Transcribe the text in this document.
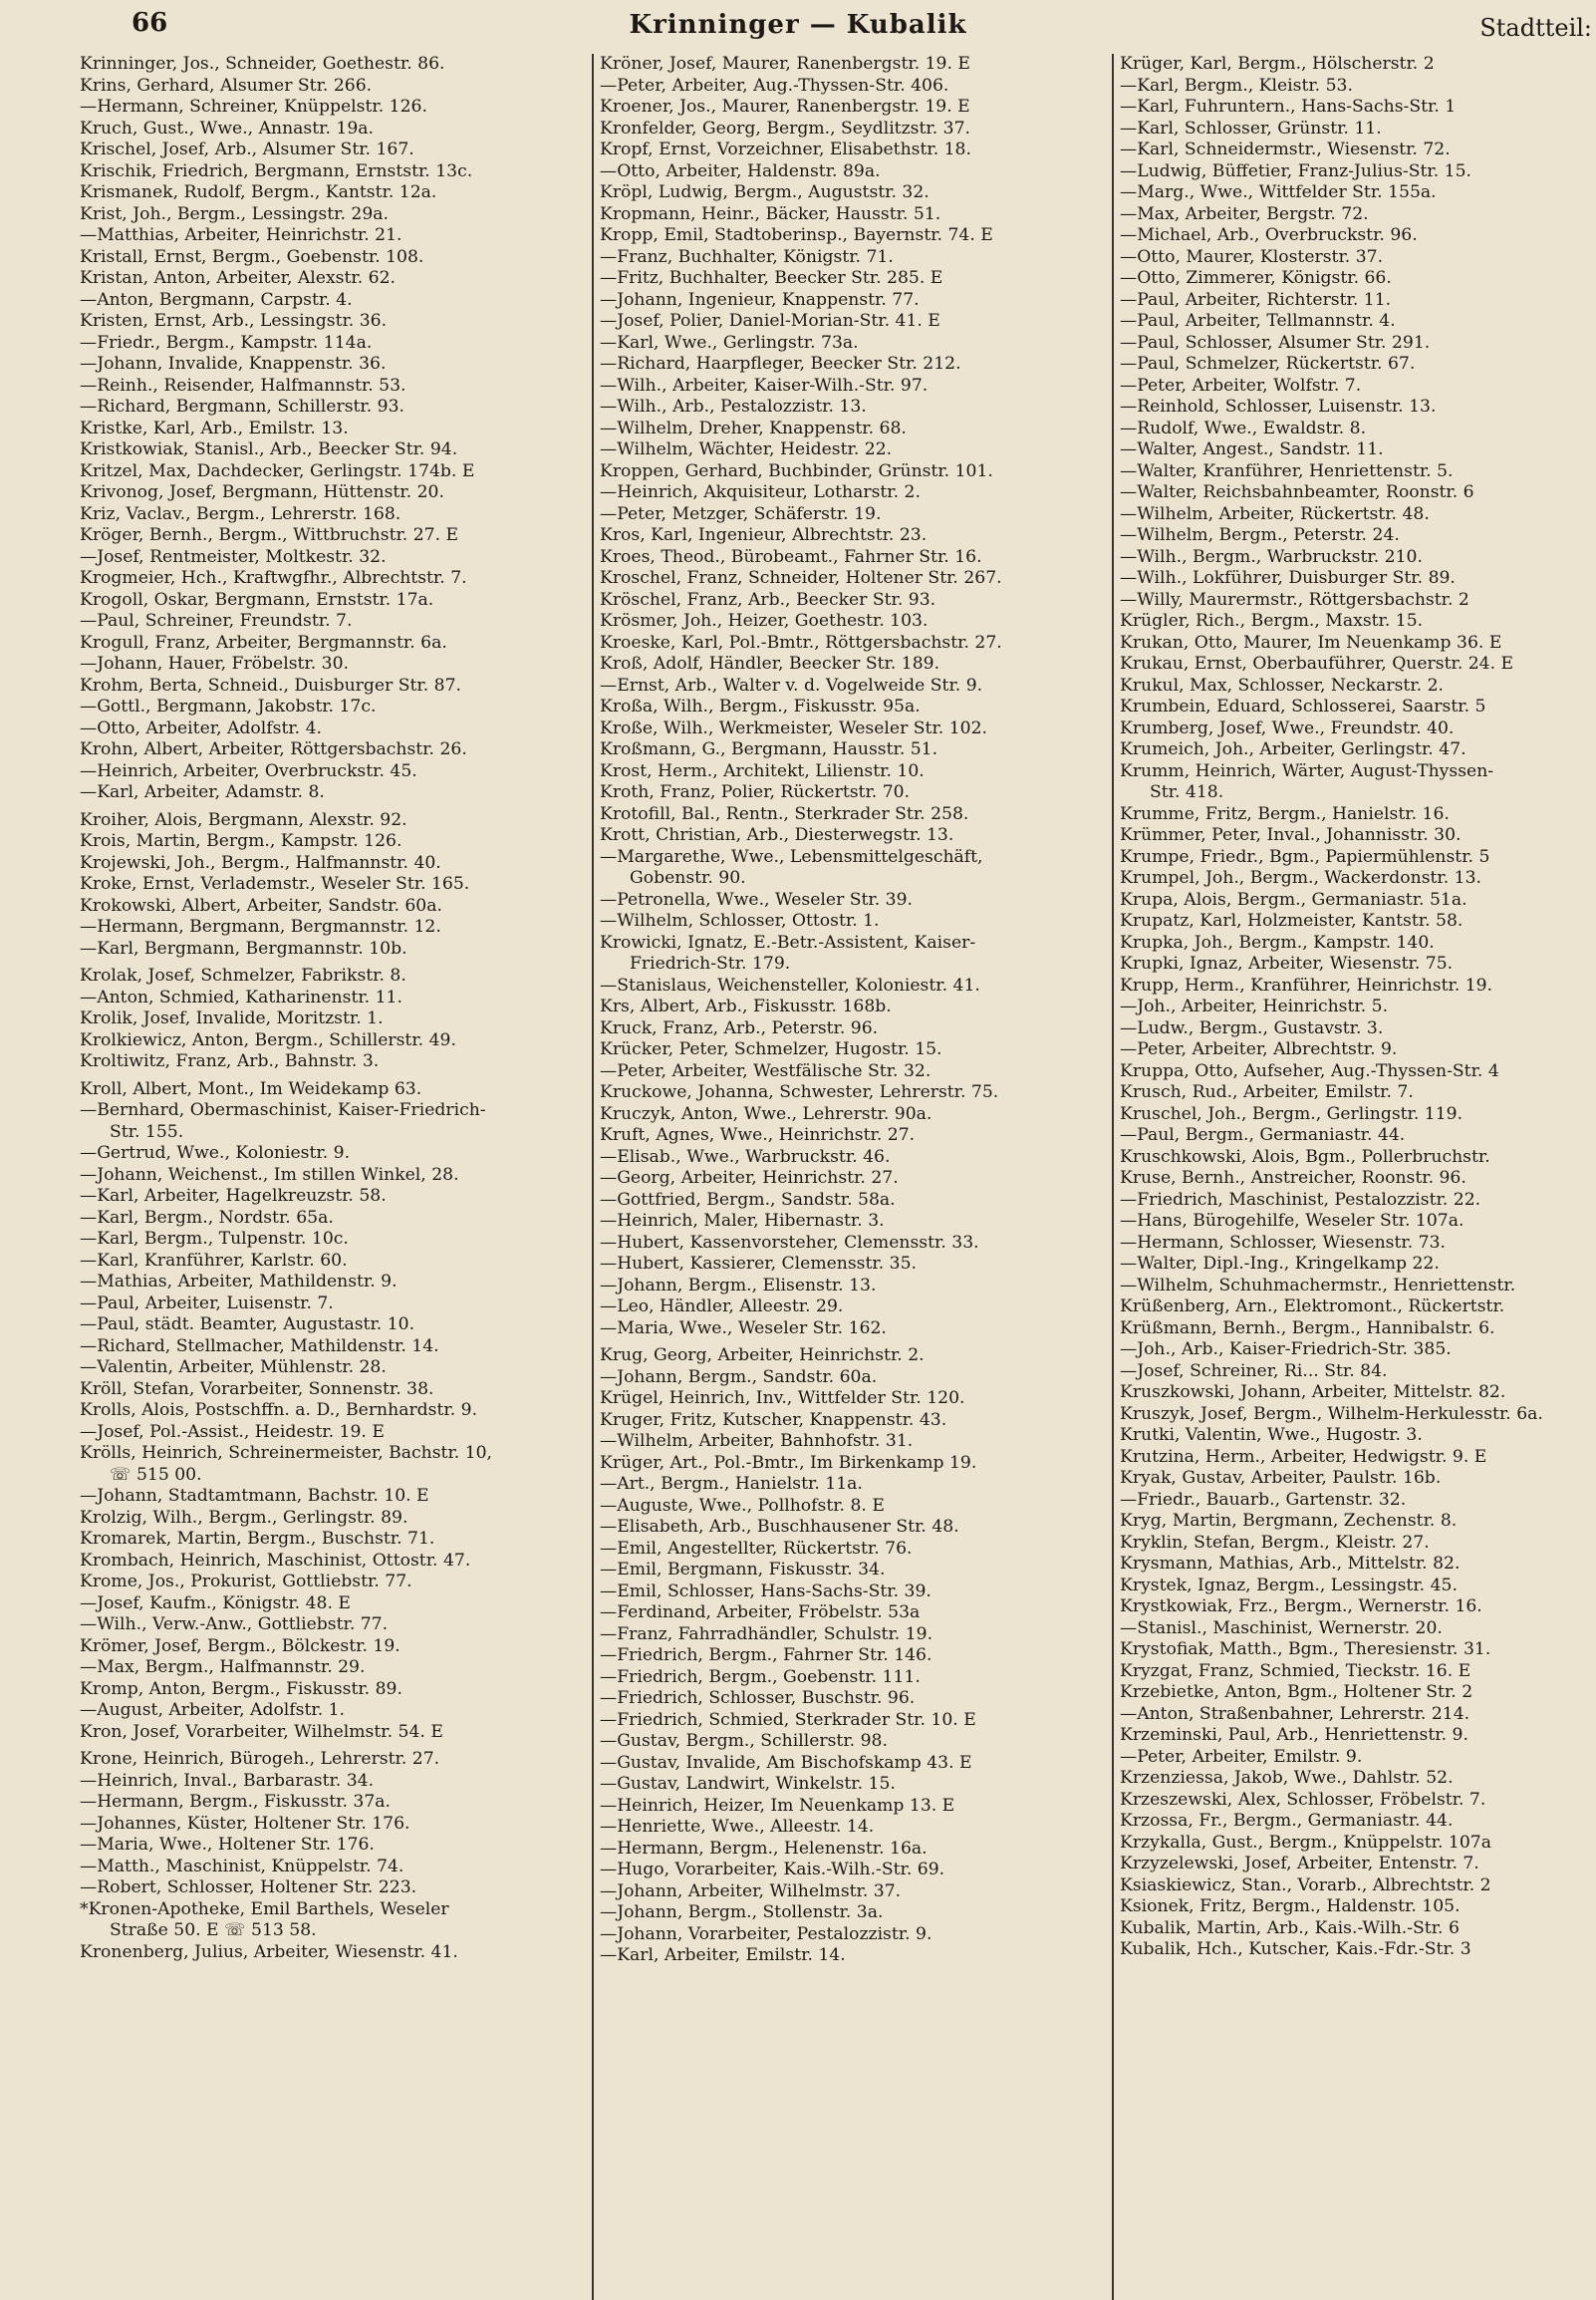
66	Krinninger — Kubalik	Stadtteil:
Krinninger, Jos., Schneider, Goethestr. 86.
Krins, Gerhard, Alsumer Str. 266.
—Hermann, Schreiner, Knüppelstr. 126.
Kruch, Gust., Wwe., Annastr. 19a.
Krischel, Josef, Arb., Alsumer Str. 167.
Krischik, Friedrich, Bergmann, Ernststr. 13c.
Krismanek, Rudolf, Bergm., Kantstr. 12a.
Krist, Joh., Bergm., Lessingstr. 29a.
—Matthias, Arbeiter, Heinrichstr. 21.
Kristall, Ernst, Bergm., Goebenstr. 108.
Kristan, Anton, Arbeiter, Alexstr. 62.
—Anton, Bergmann, Carpstr. 4.
Kristen, Ernst, Arb., Lessingstr. 36.
—Friedr., Bergm., Kampstr. 114a.
—Johann, Invalide, Knappenstr. 36.
—Reinh., Reisender, Halfmannstr. 53.
—Richard, Bergmann, Schillerstr. 93.
Kristke, Karl, Arb., Emilstr. 13.
Kristkowiak, Stanisl., Arb., Beecker Str. 94.
Kritzel, Max, Dachdecker, Gerlingstr. 174b. E
Krivonog, Josef, Bergmann, Hüttenstr. 20.
Kriz, Vaclav., Bergm., Lehrerstr. 168.
Kröger, Bernh., Bergm., Wittbruchstr. 27. E
—Josef, Rentmeister, Moltkestr. 32.
Krogmeier, Hch., Kraftwgfhr., Albrechtstr. 7.
Krogoll, Oskar, Bergmann, Ernststr. 17a.
—Paul, Schreiner, Freundstr. 7.
Krogull, Franz, Arbeiter, Bergmannstr. 6a.
—Johann, Hauer, Fröbelstr. 30.
Krohm, Berta, Schneid., Duisburger Str. 87.
—Gottl., Bergmann, Jakobstr. 17c.
—Otto, Arbeiter, Adolfstr. 4.
Krohn, Albert, Arbeiter, Röttgersbachstr. 26.
—Heinrich, Arbeiter, Overbruckstr. 45.
—Karl, Arbeiter, Adamstr. 8.
Kroiher, Alois, Bergmann, Alexstr. 92.
Krois, Martin, Bergm., Kampstr. 126.
Krojewski, Joh., Bergm., Halfmannstr. 40.
Kroke, Ernst, Verlademstr., Weseler Str. 165.
Krokowski, Albert, Arbeiter, Sandstr. 60a.
—Hermann, Bergmann, Bergmannstr. 12.
—Karl, Bergmann, Bergmannstr. 10b.
Krolak, Josef, Schmelzer, Fabrikstr. 8.
—Anton, Schmied, Katharinenstr. 11.
Krolik, Josef, Invalide, Moritzstr. 1.
Krolkiewicz, Anton, Bergm., Schillerstr. 49.
Kroltiwitz, Franz, Arb., Bahnstr. 3.
Kroll, Albert, Mont., Im Weidekamp 63.
—Bernhard, Obermaschinist, Kaiser-Friedrich-
Str. 155.
—Gertrud, Wwe., Koloniestr. 9.
—Johann, Weichenst., Im stillen Winkel, 28.
—Karl, Arbeiter, Hagelkreuzstr. 58.
—Karl, Bergm., Nordstr. 65a.
—Karl, Bergm., Tulpenstr. 10c.
—Karl, Kranführer, Karlstr. 60.
—Mathias, Arbeiter, Mathildenstr. 9.
—Paul, Arbeiter, Luisenstr. 7.
—Paul, städt. Beamter, Augustastr. 10.
—Richard, Stellmacher, Mathildenstr. 14.
—Valentin, Arbeiter, Mühlenstr. 28.
Kröll, Stefan, Vorarbeiter, Sonnenstr. 38.
Krolls, Alois, Postschffn. a. D., Bernhardstr. 9.
—Josef, Pol.-Assist., Heidestr. 19. E
Krölls, Heinrich, Schreinermeister, Bachstr. 10,
☏ 515 00.
—Johann, Stadtamtmann, Bachstr. 10. E
Krolzig, Wilh., Bergm., Gerlingstr. 89.
Kromarek, Martin, Bergm., Buschstr. 71.
Krombach, Heinrich, Maschinist, Ottostr. 47.
Krome, Jos., Prokurist, Gottliebstr. 77.
—Josef, Kaufm., Königstr. 48. E
—Wilh., Verw.-Anw., Gottliebstr. 77.
Krömer, Josef, Bergm., Bölckestr. 19.
—Max, Bergm., Halfmannstr. 29.
Kromp, Anton, Bergm., Fiskusstr. 89.
—August, Arbeiter, Adolfstr. 1.
Kron, Josef, Vorarbeiter, Wilhelmstr. 54. E
Krone, Heinrich, Bürogeh., Lehrerstr. 27.
—Heinrich, Inval., Barbarastr. 34.
—Hermann, Bergm., Fiskusstr. 37a.
—Johannes, Küster, Holtener Str. 176.
—Maria, Wwe., Holtener Str. 176.
—Matth., Maschinist, Knüppelstr. 74.
—Robert, Schlosser, Holtener Str. 223.
*Kronen-Apotheke, Emil Barthels, Weseler
Straße 50. E ☏ 513 58.
Kronenberg, Julius, Arbeiter, Wiesenstr. 41.
Kröner, Josef, Maurer, Ranenbergstr. 19. E
—Peter, Arbeiter, Aug.-Thyssen-Str. 406.
Kroener, Jos., Maurer, Ranenbergstr. 19. E
Kronfelder, Georg, Bergm., Seydlitzstr. 37.
Kropf, Ernst, Vorzeichner, Elisabethstr. 18.
—Otto, Arbeiter, Haldenstr. 89a.
Kröpl, Ludwig, Bergm., Auguststr. 32.
Kropmann, Heinr., Bäcker, Hausstr. 51.
Kropp, Emil, Stadtoberinsp., Bayernstr. 74. E
—Franz, Buchhalter, Königstr. 71.
—Fritz, Buchhalter, Beecker Str. 285. E
—Johann, Ingenieur, Knappenstr. 77.
—Josef, Polier, Daniel-Morian-Str. 41. E
—Karl, Wwe., Gerlingstr. 73a.
—Richard, Haarpfleger, Beecker Str. 212.
—Wilh., Arbeiter, Kaiser-Wilh.-Str. 97.
—Wilh., Arb., Pestalozzistr. 13.
—Wilhelm, Dreher, Knappenstr. 68.
—Wilhelm, Wächter, Heidestr. 22.
Kroppen, Gerhard, Buchbinder, Grünstr. 101.
—Heinrich, Akquisiteur, Lotharstr. 2.
—Peter, Metzger, Schäferstr. 19.
Kros, Karl, Ingenieur, Albrechtstr. 23.
Kroes, Theod., Bürobeamt., Fahrner Str. 16.
Kroschel, Franz, Schneider, Holtener Str. 267.
Kröschel, Franz, Arb., Beecker Str. 93.
Krösmer, Joh., Heizer, Goethestr. 103.
Kroeske, Karl, Pol.-Bmtr., Röttgersbachstr. 27.
Kroß, Adolf, Händler, Beecker Str. 189.
—Ernst, Arb., Walter v. d. Vogelweide Str. 9.
Kroßa, Wilh., Bergm., Fiskusstr. 95a.
Kroße, Wilh., Werkmeister, Weseler Str. 102.
Kroßmann, G., Bergmann, Hausstr. 51.
Krost, Herm., Architekt, Lilienstr. 10.
Kroth, Franz, Polier, Rückertstr. 70.
Krotofill, Bal., Rentn., Sterkrader Str. 258.
Krott, Christian, Arb., Diesterwegstr. 13.
—Margarethe, Wwe., Lebensmittelgeschäft,
Gobenstr. 90.
—Petronella, Wwe., Weseler Str. 39.
—Wilhelm, Schlosser, Ottostr. 1.
Krowicki, Ignatz, E.-Betr.-Assistent, Kaiser-
Friedrich-Str. 179.
—Stanislaus, Weichensteller, Koloniestr. 41.
Krs, Albert, Arb., Fiskusstr. 168b.
Kruck, Franz, Arb., Peterstr. 96.
Krücker, Peter, Schmelzer, Hugostr. 15.
—Peter, Arbeiter, Westfälische Str. 32.
Kruckowe, Johanna, Schwester, Lehrerstr. 75.
Kruczyk, Anton, Wwe., Lehrerstr. 90a.
Kruft, Agnes, Wwe., Heinrichstr. 27.
—Elisab., Wwe., Warbruckstr. 46.
—Georg, Arbeiter, Heinrichstr. 27.
—Gottfried, Bergm., Sandstr. 58a.
—Heinrich, Maler, Hibernastr. 3.
—Hubert, Kassenvorsteher, Clemensstr. 33.
—Hubert, Kassierer, Clemensstr. 35.
—Johann, Bergm., Elisenstr. 13.
—Leo, Händler, Alleestr. 29.
—Maria, Wwe., Weseler Str. 162.
Krug, Georg, Arbeiter, Heinrichstr. 2.
—Johann, Bergm., Sandstr. 60a.
Krügel, Heinrich, Inv., Wittfelder Str. 120.
Kruger, Fritz, Kutscher, Knappenstr. 43.
—Wilhelm, Arbeiter, Bahnhofstr. 31.
Krüger, Art., Pol.-Bmtr., Im Birkenkamp 19.
—Art., Bergm., Hanielstr. 11a.
—Auguste, Wwe., Pollhofstr. 8. E
—Elisabeth, Arb., Buschhausener Str. 48.
—Emil, Angestellter, Rückertstr. 76.
—Emil, Bergmann, Fiskusstr. 34.
—Emil, Schlosser, Hans-Sachs-Str. 39.
—Ferdinand, Arbeiter, Fröbelstr. 53a
—Franz, Fahrradhändler, Schulstr. 19.
—Friedrich, Bergm., Fahrner Str. 146.
—Friedrich, Bergm., Goebenstr. 111.
—Friedrich, Schlosser, Buschstr. 96.
—Friedrich, Schmied, Sterkrader Str. 10. E
—Gustav, Bergm., Schillerstr. 98.
—Gustav, Invalide, Am Bischofskamp 43. E
—Gustav, Landwirt, Winkelstr. 15.
—Heinrich, Heizer, Im Neuenkamp 13. E
—Henriette, Wwe., Alleestr. 14.
—Hermann, Bergm., Helenenstr. 16a.
—Hugo, Vorarbeiter, Kais.-Wilh.-Str. 69.
—Johann, Arbeiter, Wilhelmstr. 37.
—Johann, Bergm., Stollenstr. 3a.
—Johann, Vorarbeiter, Pestalozzistr. 9.
—Karl, Arbeiter, Emilstr. 14.
Krüger, Karl, Bergm., Hölscherstr. 2
—Karl, Bergm., Kleistr. 53.
—Karl, Fuhruntern., Hans-Sachs-Str. 1
—Karl, Schlosser, Grünstr. 11.
—Karl, Schneidermstr., Wiesenstr. 72.
—Ludwig, Büffetier, Franz-Julius-Str. 15.
—Marg., Wwe., Wittfelder Str. 155a.
—Max, Arbeiter, Bergstr. 72.
—Michael, Arb., Overbruckstr. 96.
—Otto, Maurer, Klosterstr. 37.
—Otto, Zimmerer, Königstr. 66.
—Paul, Arbeiter, Richterstr. 11.
—Paul, Arbeiter, Tellmannstr. 4.
—Paul, Schlosser, Alsumer Str. 291.
—Paul, Schmelzer, Rückertstr. 67.
—Peter, Arbeiter, Wolfstr. 7.
—Reinhold, Schlosser, Luisenstr. 13.
—Rudolf, Wwe., Ewaldstr. 8.
—Walter, Angest., Sandstr. 11.
—Walter, Kranführer, Henriettenstr. 5.
—Walter, Reichsbahnbeamter, Roonstr. 6
—Wilhelm, Arbeiter, Rückertstr. 48.
—Wilhelm, Bergm., Peterstr. 24.
—Wilh., Bergm., Warbruckstr. 210.
—Wilh., Lokführer, Duisburger Str. 89.
—Willy, Maurermstr., Röttgersbachstr. 2
Krügler, Rich., Bergm., Maxstr. 15.
Krukan, Otto, Maurer, Im Neuenkamp 36. E
Krukau, Ernst, Oberbauführer, Querstr. 24. E
Krukul, Max, Schlosser, Neckarstr. 2.
Krumbein, Eduard, Schlosserei, Saarstr. 5
Krumberg, Josef, Wwe., Freundstr. 40.
Krumeich, Joh., Arbeiter, Gerlingstr. 47.
Krumm, Heinrich, Wärter, August-Thyssen-
Str. 418.
Krumme, Fritz, Bergm., Hanielstr. 16.
Krümmer, Peter, Inval., Johannisstr. 30.
Krumpe, Friedr., Bgm., Papiermühlenstr. 5
Krumpel, Joh., Bergm., Wackerdonstr. 13.
Krupa, Alois, Bergm., Germaniastr. 51a.
Krupatz, Karl, Holzmeister, Kantstr. 58.
Krupka, Joh., Bergm., Kampstr. 140.
Krupki, Ignaz, Arbeiter, Wiesenstr. 75.
Krupp, Herm., Kranführer, Heinrichstr. 19.
—Joh., Arbeiter, Heinrichstr. 5.
—Ludw., Bergm., Gustavstr. 3.
—Peter, Arbeiter, Albrechtstr. 9.
Kruppa, Otto, Aufseher, Aug.-Thyssen-Str. 4
Krusch, Rud., Arbeiter, Emilstr. 7.
Kruschel, Joh., Bergm., Gerlingstr. 119.
—Paul, Bergm., Germaniastr. 44.
Kruschkowski, Alois, Bgm., Pollerbruchstr.
Kruse, Bernh., Anstreicher, Roonstr. 96.
—Friedrich, Maschinist, Pestalozzistr. 22.
—Hans, Bürogehilfe, Weseler Str. 107a.
—Hermann, Schlosser, Wiesenstr. 73.
—Walter, Dipl.-Ing., Kringelkamp 22.
—Wilhelm, Schuhmachermstr., Henriettenstr.
Krüßenberg, Arn., Elektromont., Rückertstr.
Krüßmann, Bernh., Bergm., Hannibalstr. 6.
—Joh., Arb., Kaiser-Friedrich-Str. 385.
—Josef, Schreiner, Ri... Str. 84.
Kruszkowski, Johann, Arbeiter, Mittelstr. 82.
Kruszyk, Josef, Bergm., Wilhelm-Herkulesstr. 6a.
Krutki, Valentin, Wwe., Hugostr. 3.
Krutzina, Herm., Arbeiter, Hedwigstr. 9. E
Kryak, Gustav, Arbeiter, Paulstr. 16b.
—Friedr., Bauarb., Gartenstr. 32.
Kryg, Martin, Bergmann, Zechenstr. 8.
Kryklin, Stefan, Bergm., Kleistr. 27.
Krysmann, Mathias, Arb., Mittelstr. 82.
Krystek, Ignaz, Bergm., Lessingstr. 45.
Krystkowiak, Frz., Bergm., Wernerstr. 16.
—Stanisl., Maschinist, Wernerstr. 20.
Krystofiak, Matth., Bgm., Theresienstr. 31.
Kryzgat, Franz, Schmied, Tieckstr. 16. E
Krzebietke, Anton, Bgm., Holtener Str. 2
—Anton, Straßenbahner, Lehrerstr. 214.
Krzeminski, Paul, Arb., Henriettenstr. 9.
—Peter, Arbeiter, Emilstr. 9.
Krzenziessa, Jakob, Wwe., Dahlstr. 52.
Krzeszewski, Alex, Schlosser, Fröbelstr. 7.
Krzossa, Fr., Bergm., Germaniastr. 44.
Krzykalla, Gust., Bergm., Knüppelstr. 107a
Krzyzelewski, Josef, Arbeiter, Entenstr. 7.
Ksiaskiewicz, Stan., Vorarb., Albrechtstr. 2
Ksionek, Fritz, Bergm., Haldenstr. 105.
Kubalik, Martin, Arb., Kais.-Wilh.-Str. 6
Kubalik, Hch., Kutscher, Kais.-Fdr.-Str. 3
